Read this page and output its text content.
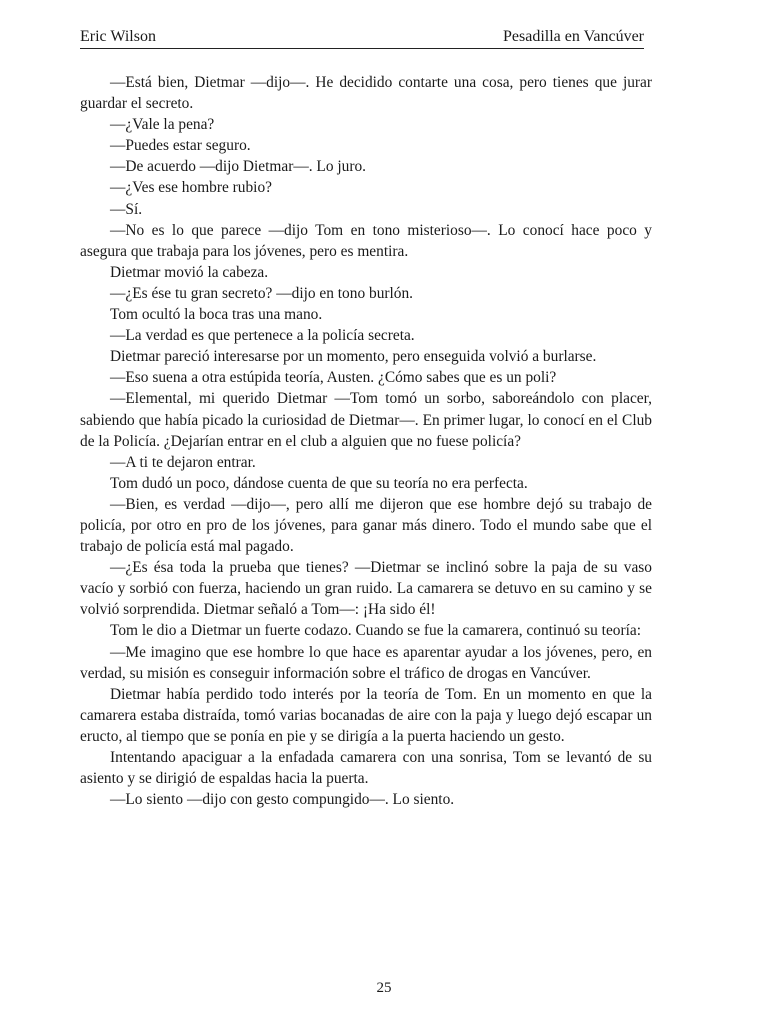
Eric Wilson	Pesadilla en Vancúver

—Está bien, Dietmar —dijo—. He decidido contarte una cosa, pero tienes que jurar guardar el secreto.

—¿Vale la pena?

—Puedes estar seguro.

—De acuerdo —dijo Dietmar—. Lo juro.

—¿Ves ese hombre rubio?

—Sí.

—No es lo que parece —dijo Tom en tono misterioso—. Lo conocí hace poco y asegura que trabaja para los jóvenes, pero es mentira.

Dietmar movió la cabeza.

—¿Es ése tu gran secreto? —dijo en tono burlón.

Tom ocultó la boca tras una mano.

—La verdad es que pertenece a la policía secreta.

Dietmar pareció interesarse por un momento, pero enseguida volvió a burlarse.

—Eso suena a otra estúpida teoría, Austen. ¿Cómo sabes que es un poli?

—Elemental, mi querido Dietmar —Tom tomó un sorbo, saboreándolo con placer, sabiendo que había picado la curiosidad de Dietmar—. En primer lugar, lo conocí en el Club de la Policía. ¿Dejarían entrar en el club a alguien que no fuese policía?

—A ti te dejaron entrar.

Tom dudó un poco, dándose cuenta de que su teoría no era perfecta.

—Bien, es verdad —dijo—, pero allí me dijeron que ese hombre dejó su trabajo de policía, por otro en pro de los jóvenes, para ganar más dinero. Todo el mundo sabe que el trabajo de policía está mal pagado.

—¿Es ésa toda la prueba que tienes? —Dietmar se inclinó sobre la paja de su vaso vacío y sorbió con fuerza, haciendo un gran ruido. La camarera se detuvo en su camino y se volvió sorprendida. Dietmar señaló a Tom—: ¡Ha sido él!

Tom le dio a Dietmar un fuerte codazo. Cuando se fue la camarera, continuó su teoría:

—Me imagino que ese hombre lo que hace es aparentar ayudar a los jóvenes, pero, en verdad, su misión es conseguir información sobre el tráfico de drogas en Vancúver.

Dietmar había perdido todo interés por la teoría de Tom. En un momento en que la camarera estaba distraída, tomó varias bocanadas de aire con la paja y luego dejó escapar un eructo, al tiempo que se ponía en pie y se dirigía a la puerta haciendo un gesto.

Intentando apaciguar a la enfadada camarera con una sonrisa, Tom se levantó de su asiento y se dirigió de espaldas hacia la puerta.

—Lo siento —dijo con gesto compungido—. Lo siento.

25
